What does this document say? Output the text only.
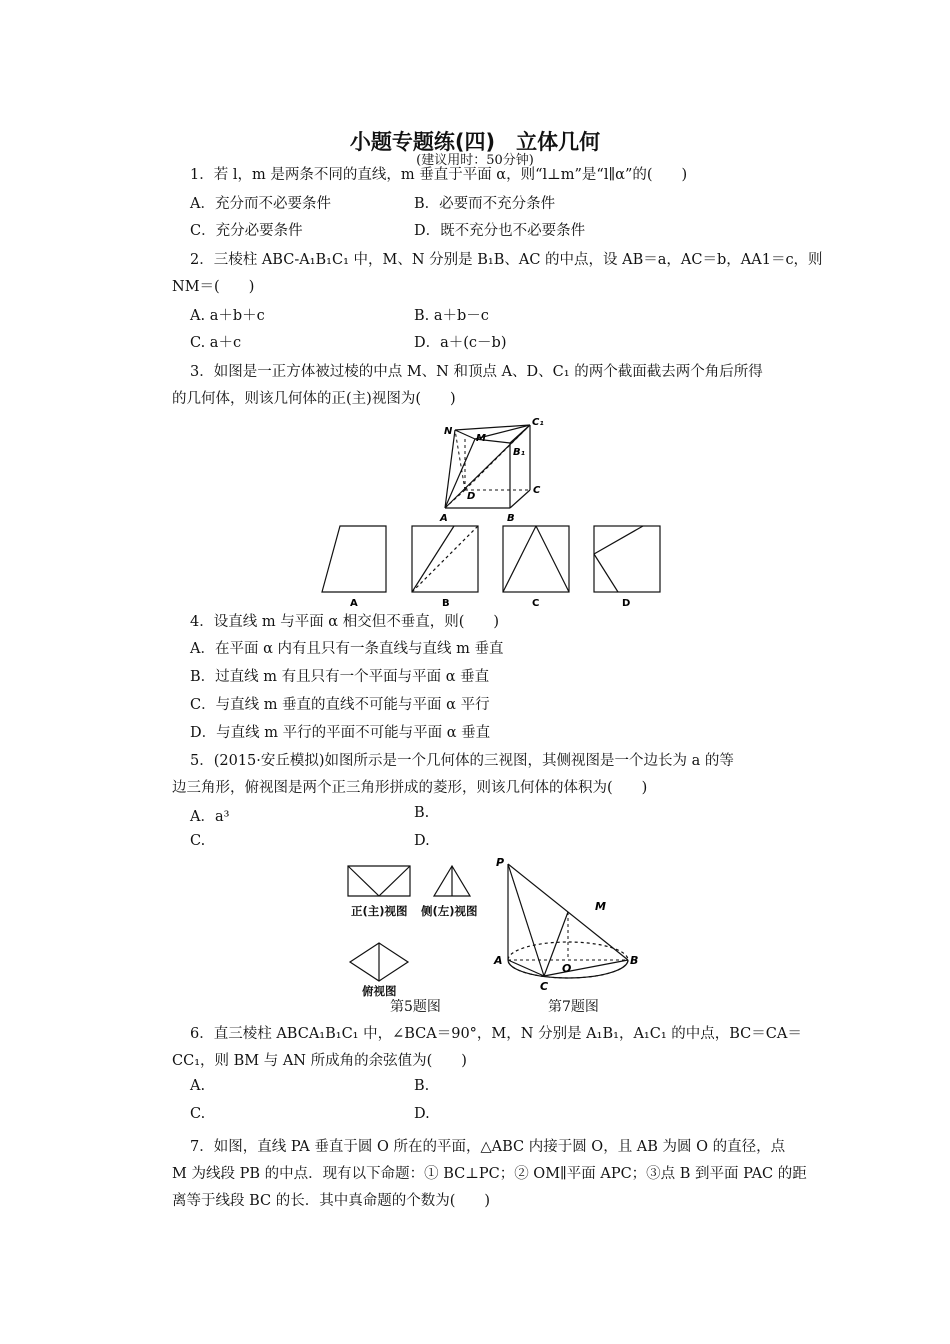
小题专题练(四)　立体几何
(建议用时：50分钟)
1．若 l，m 是两条不同的直线，m 垂直于平面 α，则“l⊥m”是“l∥α”的(　　)
A．充分而不必要条件	B．必要而不充分条件
C．充分必要条件	D．既不充分也不必要条件
2．三棱柱 ABC-A₁B₁C₁ 中，M、N 分别是 B₁B、AC 的中点，设 AB＝a，AC＝b，AA1＝c，则
NM＝(　　)
A. a＋b＋c	B. a＋b－c
C. a＋c	D．a＋(c－b)
3．如图是一正方体被过棱的中点 M、N 和顶点 A、D、C₁ 的两个截面截去两个角后所得
的几何体，则该几何体的正(主)视图为(　　)
N
M
C₁
B₁
D
C
A	B
A	B	C	D
4．设直线 m 与平面 α 相交但不垂直，则(　　)
A．在平面 α 内有且只有一条直线与直线 m 垂直
B．过直线 m 有且只有一个平面与平面 α 垂直
C．与直线 m 垂直的直线不可能与平面 α 平行
D．与直线 m 平行的平面不可能与平面 α 垂直
5．(2015·安丘模拟)如图所示是一个几何体的三视图，其侧视图是一个边长为 a 的等
边三角形，俯视图是两个正三角形拼成的菱形，则该几何体的体积为(　　)
A．a³	B.
C.	D.
正(主)视图 侧(左)视图
俯视图
第5题图
P
M
A
O
B
C
第7题图
6．直三棱柱 ABCA₁B₁C₁ 中，∠BCA＝90°，M，N 分别是 A₁B₁，A₁C₁ 的中点，BC＝CA＝
CC₁，则 BM 与 AN 所成角的余弦值为(　　)
A.	B.
C.	D.
7．如图，直线 PA 垂直于圆 O 所在的平面，△ABC 内接于圆 O，且 AB 为圆 O 的直径，点
M 为线段 PB 的中点．现有以下命题：① BC⊥PC；② OM∥平面 APC；③点 B 到平面 PAC 的距
离等于线段 BC 的长．其中真命题的个数为(　　)
